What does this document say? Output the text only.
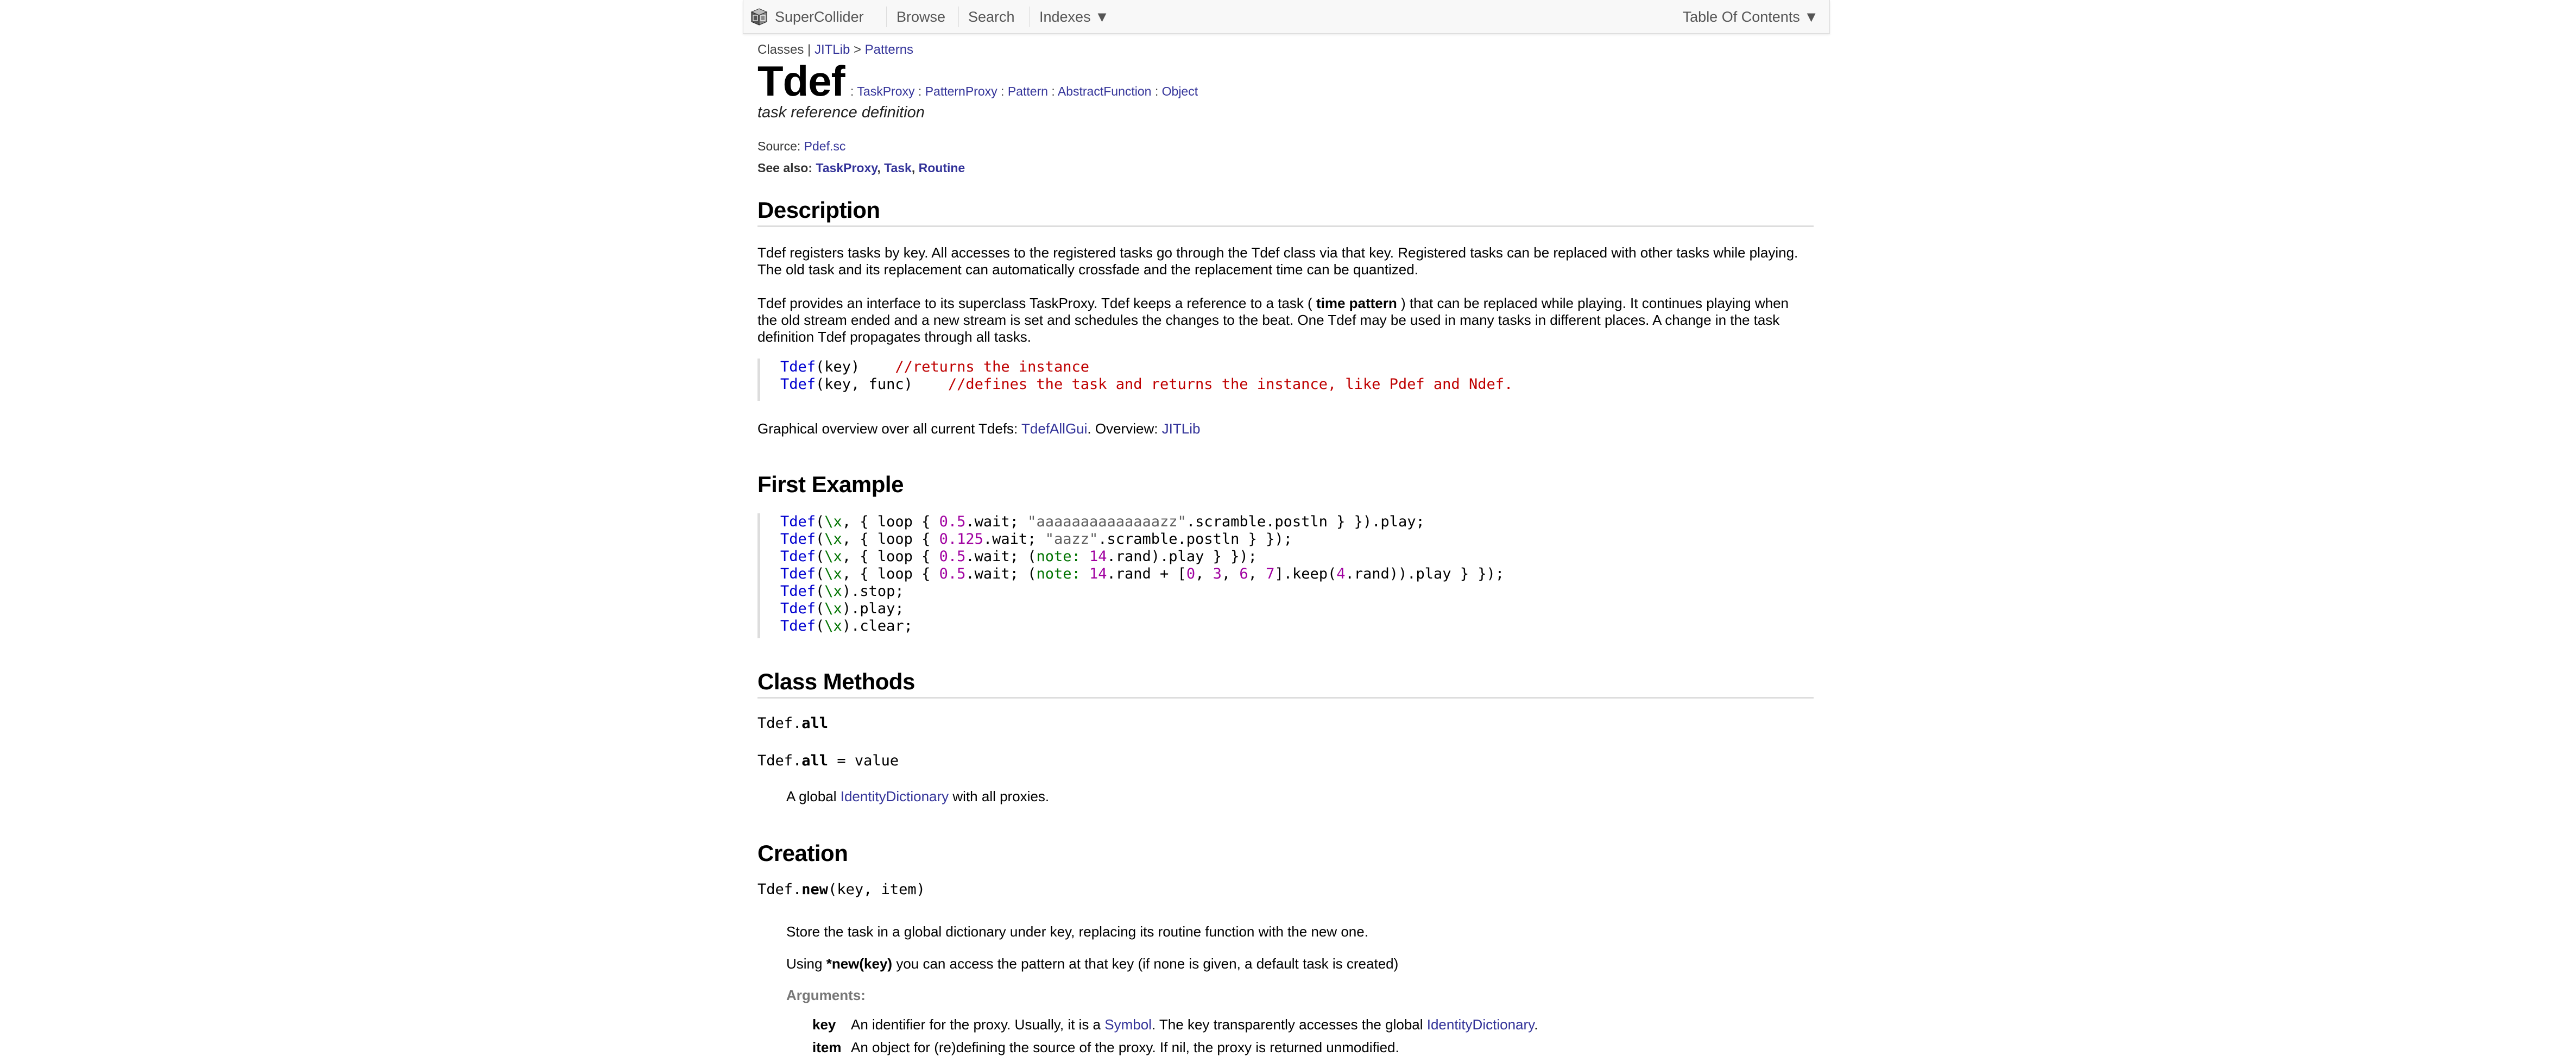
SuperCollider Browse Search Indexes ▼	Table Of Contents ▼
Classes | JITLib > Patterns
Tdef : TaskProxy : PatternProxy : Pattern : AbstractFunction : Object
task reference definition
Source: Pdef.sc
See also: TaskProxy, Task, Routine
Description

Tdef registers tasks by key. All accesses to the registered tasks go through the Tdef class via that key. Registered tasks can be replaced with other tasks while playing. The old task and its replacement can automatically crossfade and the replacement time can be quantized.

Tdef provides an interface to its superclass TaskProxy. Tdef keeps a reference to a task ( time pattern ) that can be replaced while playing. It continues playing when the old stream ended and a new stream is set and schedules the changes to the beat. One Tdef may be used in many tasks in different places. A change in the task definition Tdef propagates through all tasks.

Tdef(key)    //returns the instance
Tdef(key, func)    //defines the task and returns the instance, like Pdef and Ndef.

Graphical overview over all current Tdefs: TdefAllGui. Overview: JITLib

First Example
Tdef(\x, { loop { 0.5.wait; "aaaaaaaaaaaaaazz".scramble.postln } }).play;
Tdef(\x, { loop { 0.125.wait; "aazz".scramble.postln } });
Tdef(\x, { loop { 0.5.wait; (note: 14.rand).play } });
Tdef(\x, { loop { 0.5.wait; (note: 14.rand + [0, 3, 6, 7].keep(4.rand)).play } });
Tdef(\x).stop;
Tdef(\x).play;
Tdef(\x).clear;
Class Methods
Tdef.all
Tdef.all = value

A global IdentityDictionary with all proxies.

Creation
Tdef.new(key, item)

Store the task in a global dictionary under key, replacing its routine function with the new one.

Using *new(key) you can access the pattern at that key (if none is given, a default task is created)

Arguments:
key An identifier for the proxy. Usually, it is a Symbol. The key transparently accesses the global IdentityDictionary.
item An object for (re)defining the source of the proxy. If nil, the proxy is returned unmodified.
